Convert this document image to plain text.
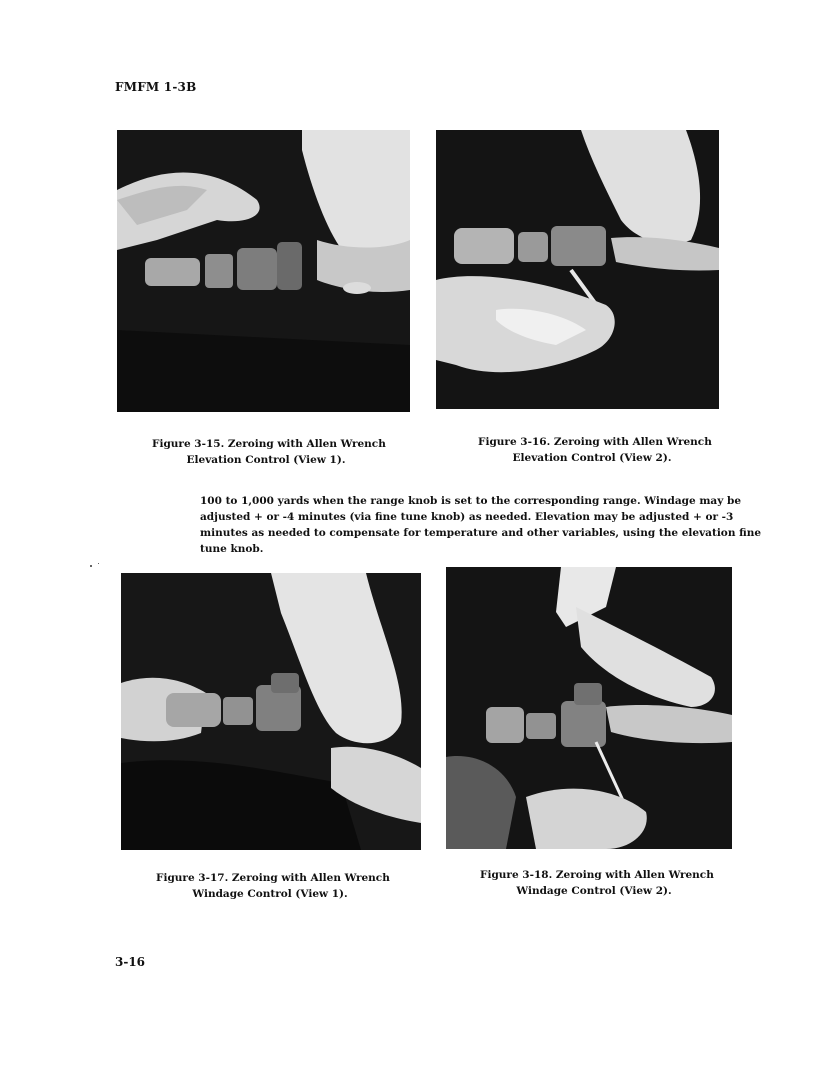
FMFM 1-3B
Figure 3-15. Zeroing with Allen Wrench
Elevation Control (View 1).
Figure 3-16. Zeroing with Allen Wrench
Elevation Control (View 2).
100 to 1,000 yards when the range knob is set to the corresponding range. Windage may be
adjusted + or -4 minutes (via fine tune knob) as needed. Elevation may be adjusted + or -3
minutes as needed to compensate for temperature and other variables, using the elevation fine
tune knob.
Figure 3-17. Zeroing with Allen Wrench
Windage Control (View 1).
Figure 3-18. Zeroing with Allen Wrench
Windage Control (View 2).
3-16
